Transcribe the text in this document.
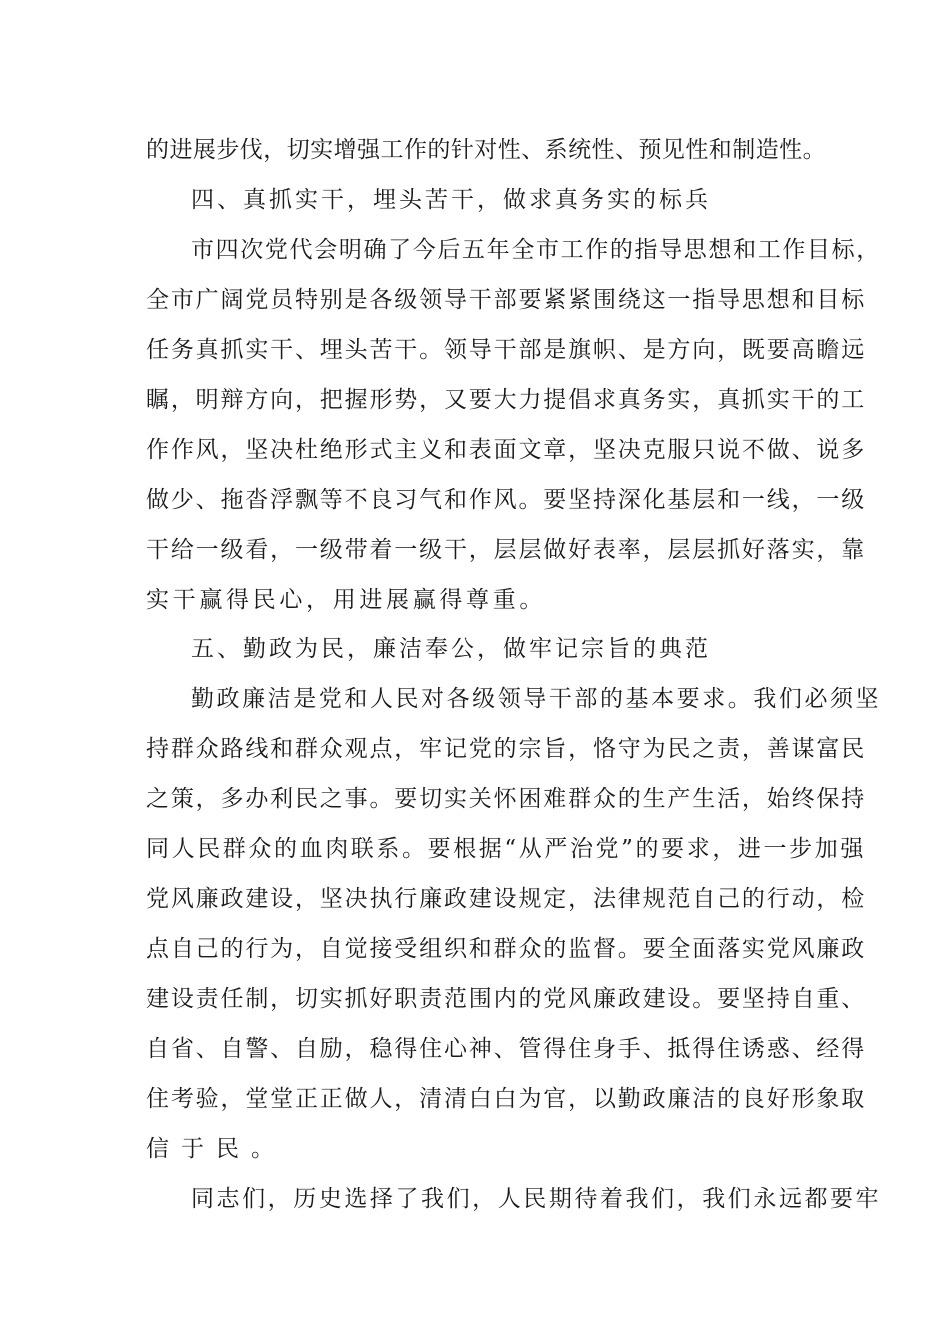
的进展步伐，切实增强工作的针对性、系统性、预见性和制造性。
四、真抓实干，埋头苦干，做求真务实的标兵
市四次党代会明确了今后五年全市工作的指导思想和工作目标，
全市广阔党员特别是各级领导干部要紧紧围绕这一指导思想和目标
任务真抓实干、埋头苦干。领导干部是旗帜、是方向，既要高瞻远
瞩，明辩方向，把握形势，又要大力提倡求真务实，真抓实干的工
作作风，坚决杜绝形式主义和表面文章，坚决克服只说不做、说多
做少、拖沓浮飘等不良习气和作风。要坚持深化基层和一线，一级
干给一级看，一级带着一级干，层层做好表率，层层抓好落实，靠
实干赢得民心，用进展赢得尊重。
五、勤政为民，廉洁奉公，做牢记宗旨的典范
勤政廉洁是党和人民对各级领导干部的基本要求。我们必须坚
持群众路线和群众观点，牢记党的宗旨，恪守为民之责，善谋富民
之策，多办利民之事。要切实关怀困难群众的生产生活，始终保持
同人民群众的血肉联系。要根据“从严治党”的要求，进一步加强
党风廉政建设，坚决执行廉政建设规定，法律规范自己的行动，检
点自己的行为，自觉接受组织和群众的监督。要全面落实党风廉政
建设责任制，切实抓好职责范围内的党风廉政建设。要坚持自重、
自省、自警、自励，稳得住心神、管得住身手、抵得住诱惑、经得
住考验，堂堂正正做人，清清白白为官，以勤政廉洁的良好形象取
信于民。
同志们，历史选择了我们，人民期待着我们，我们永远都要牢
